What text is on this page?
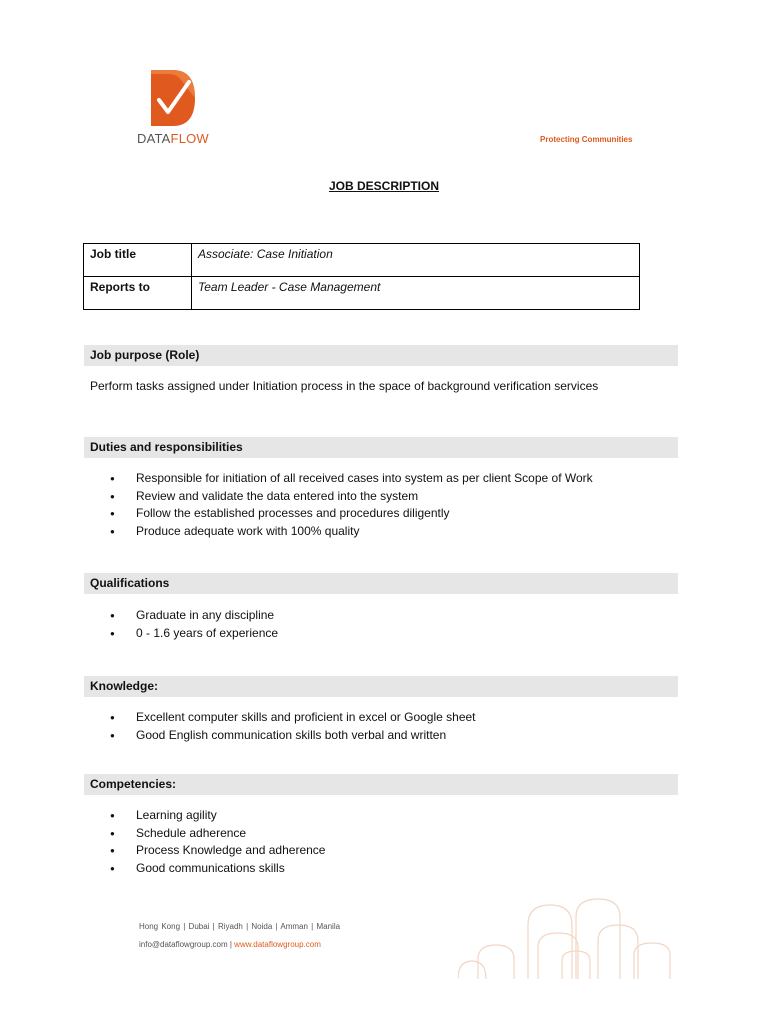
DATAFLOW	Protecting Communities
JOB DESCRIPTION
Job title	Associate: Case Initiation
Reports to	Team Leader - Case Management
Job purpose (Role)
Perform tasks assigned under Initiation process in the space of background verification services
Duties and responsibilities
● Responsible for initiation of all received cases into system as per client Scope of Work
● Review and validate the data entered into the system
● Follow the established processes and procedures diligently
● Produce adequate work with 100% quality
Qualifications
● Graduate in any discipline
● 0 - 1.6 years of experience
Knowledge:
● Excellent computer skills and proficient in excel or Google sheet
● Good English communication skills both verbal and written
Competencies:
● Learning agility
● Schedule adherence
● Process Knowledge and adherence
● Good communications skills
Hong Kong | Dubai | Riyadh | Noida | Amman | Manila
info@dataflowgroup.com | www.dataflowgroup.com
